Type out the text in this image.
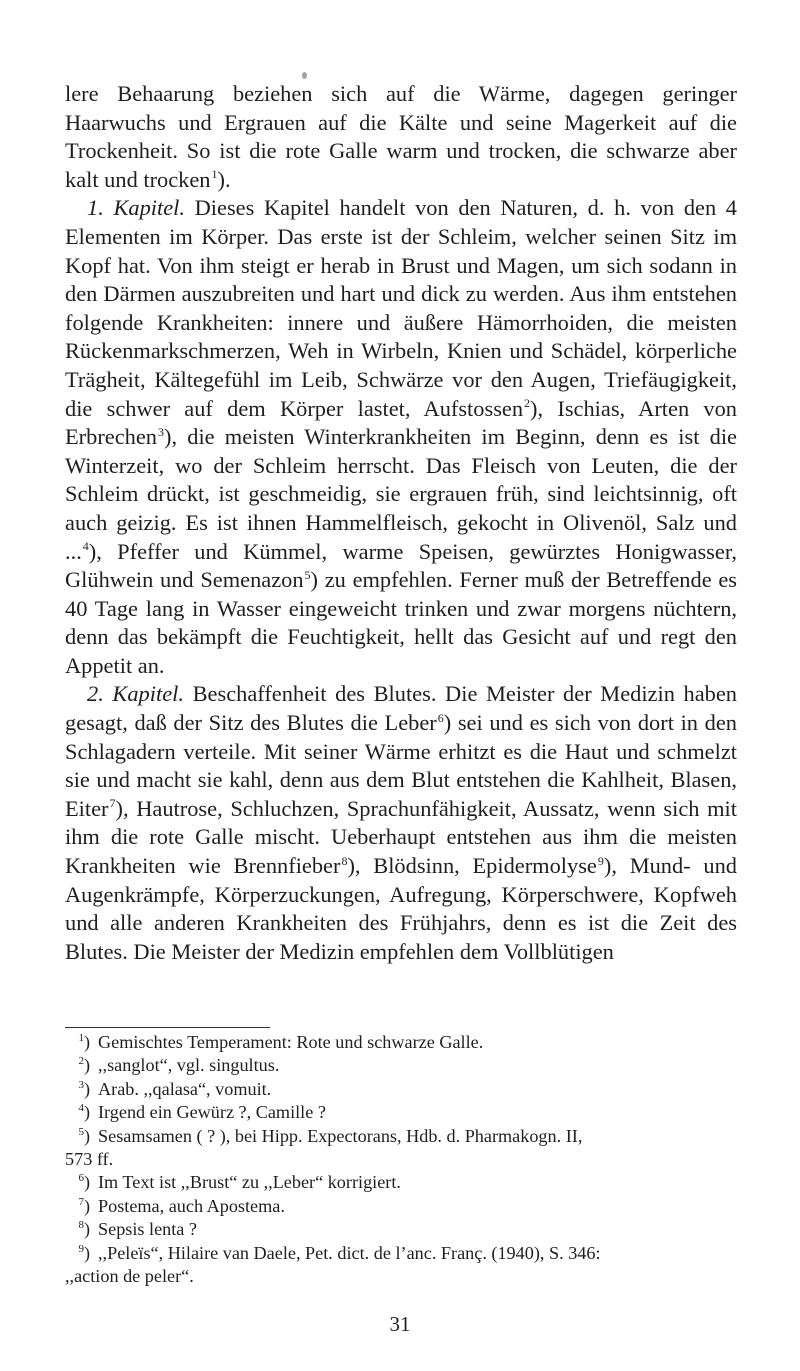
lere Behaarung beziehen sich auf die Wärme, dagegen geringer Haarwuchs und Ergrauen auf die Kälte und seine Magerkeit auf die Trockenheit. So ist die rote Galle warm und trocken, die schwarze aber kalt und trocken$^1$).

1. Kapitel. Dieses Kapitel handelt von den Naturen, d. h. von den 4 Elementen im Körper. Das erste ist der Schleim, welcher seinen Sitz im Kopf hat. Von ihm steigt er herab in Brust und Magen, um sich sodann in den Därmen auszubreiten und hart und dick zu werden. Aus ihm entstehen folgende Krankheiten: innere und äußere Hämorrhoiden, die meisten Rückenmarkschmerzen, Weh in Wirbeln, Knien und Schädel, körperliche Trägheit, Kältegefühl im Leib, Schwärze vor den Augen, Triefäugigkeit, die schwer auf dem Körper lastet, Aufstossen$^2$), Ischias, Arten von Erbrechen$^3$), die meisten Winterkrankheiten im Beginn, denn es ist die Winterzeit, wo der Schleim herrscht. Das Fleisch von Leuten, die der Schleim drückt, ist geschmeidig, sie ergrauen früh, sind leichtsinnig, oft auch geizig. Es ist ihnen Hammelfleisch, gekocht in Olivenöl, Salz und ...$^4$), Pfeffer und Kümmel, warme Speisen, gewürztes Honigwasser, Glühwein und Semenazon$^5$) zu empfehlen. Ferner muß der Betreffende es 40 Tage lang in Wasser eingeweicht trinken und zwar morgens nüchtern, denn das bekämpft die Feuchtigkeit, hellt das Gesicht auf und regt den Appetit an.

2. Kapitel. Beschaffenheit des Blutes. Die Meister der Medizin haben gesagt, daß der Sitz des Blutes die Leber$^6$) sei und es sich von dort in den Schlagadern verteile. Mit seiner Wärme erhitzt es die Haut und schmelzt sie und macht sie kahl, denn aus dem Blut entstehen die Kahlheit, Blasen, Eiter$^7$), Hautrose, Schluchzen, Sprachunfähigkeit, Aussatz, wenn sich mit ihm die rote Galle mischt. Ueberhaupt entstehen aus ihm die meisten Krankheiten wie Brennfieber$^8$), Blödsinn, Epidermolyse$^9$), Mund- und Augenkrämpfe, Körperzuckungen, Aufregung, Körperschwere, Kopfweh und alle anderen Krankheiten des Frühjahrs, denn es ist die Zeit des Blutes. Die Meister der Medizin empfehlen dem Vollblütigen

$^1$) Gemischtes Temperament: Rote und schwarze Galle.
$^2$) ,,sanglot“, vgl. singultus.
$^3$) Arab. ,,qalasa“, vomuit.
$^4$) Irgend ein Gewürz ?, Camille ?
$^5$) Sesamsamen ( ? ), bei Hipp. Expectorans, Hdb. d. Pharmakogn. II,
573 ff.
$^6$) Im Text ist ,,Brust“ zu ,,Leber“ korrigiert.
$^7$) Postema, auch Apostema.
$^8$) Sepsis lenta ?
$^9$) ,,Peleïs“, Hilaire van Daele, Pet. dict. de l’anc. Franç. (1940), S. 346:
,,action de peler“.
31
